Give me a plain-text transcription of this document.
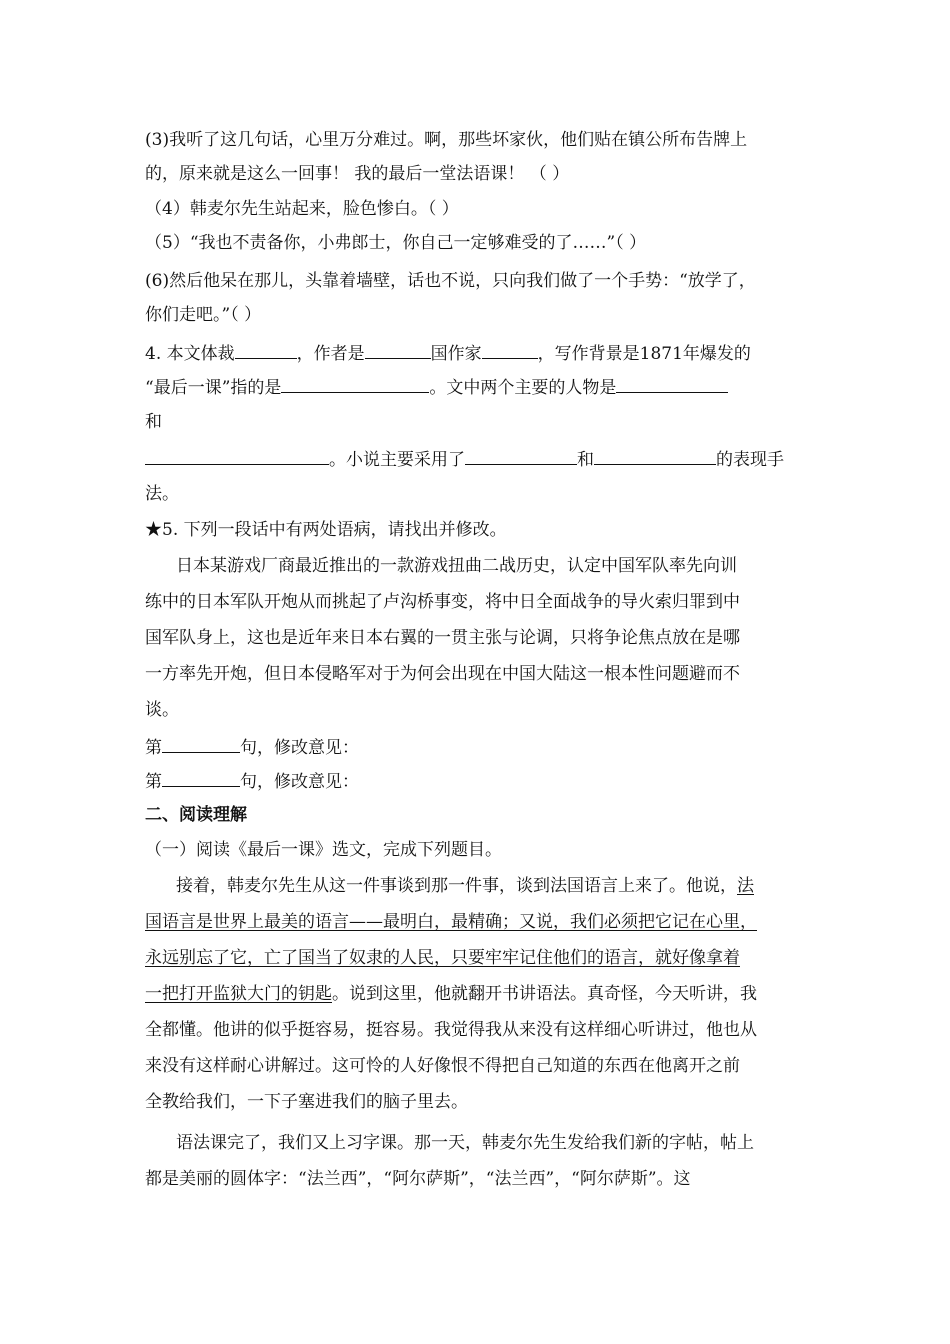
(3)我听了这几句话，心里万分难过。啊，那些坏家伙，他们贴在镇公所布告牌上
的，原来就是这么一回事！ 我的最后一堂法语课！ （ ）
（4）韩麦尔先生站起来，脸色惨白。（ ）
（5）“我也不责备你，小弗郎士，你自己一定够难受的了……”（ ）
(6)然后他呆在那儿，头靠着墙壁，话也不说，只向我们做了一个手势：“放学了，
你们走吧。”（ ）
4. 本文体裁	，作者是	国作家	，写作背景是1871年爆发的
“最后一课”指的是	。文中两个主要的人物是
和
。小说主要采用了	和	的表现手
法。
★5. 下列一段话中有两处语病，请找出并修改。
日本某游戏厂商最近推出的一款游戏扭曲二战历史，认定中国军队率先向训
练中的日本军队开炮从而挑起了卢沟桥事变，将中日全面战争的导火索归罪到中
国军队身上，这也是近年来日本右翼的一贯主张与论调，只将争论焦点放在是哪
一方率先开炮，但日本侵略军对于为何会出现在中国大陆这一根本性问题避而不
谈。
第	句，修改意见：
第	句，修改意见：
二、阅读理解
（一）阅读《最后一课》选文，完成下列题目。
接着，韩麦尔先生从这一件事谈到那一件事，谈到法国语言上来了。他说，法
国语言是世界上最美的语言——最明白，最精确；又说，我们必须把它记在心里，
永远别忘了它，亡了国当了奴隶的人民，只要牢牢记住他们的语言，就好像拿着
一把打开监狱大门的钥匙。说到这里，他就翻开书讲语法。真奇怪，今天听讲，我
全都懂。他讲的似乎挺容易，挺容易。我觉得我从来没有这样细心听讲过，他也从
来没有这样耐心讲解过。这可怜的人好像恨不得把自己知道的东西在他离开之前
全教给我们，一下子塞进我们的脑子里去。
语法课完了，我们又上习字课。那一天，韩麦尔先生发给我们新的字帖，帖上
都是美丽的圆体字：“法兰西”，“阿尔萨斯”，“法兰西”，“阿尔萨斯”。这
